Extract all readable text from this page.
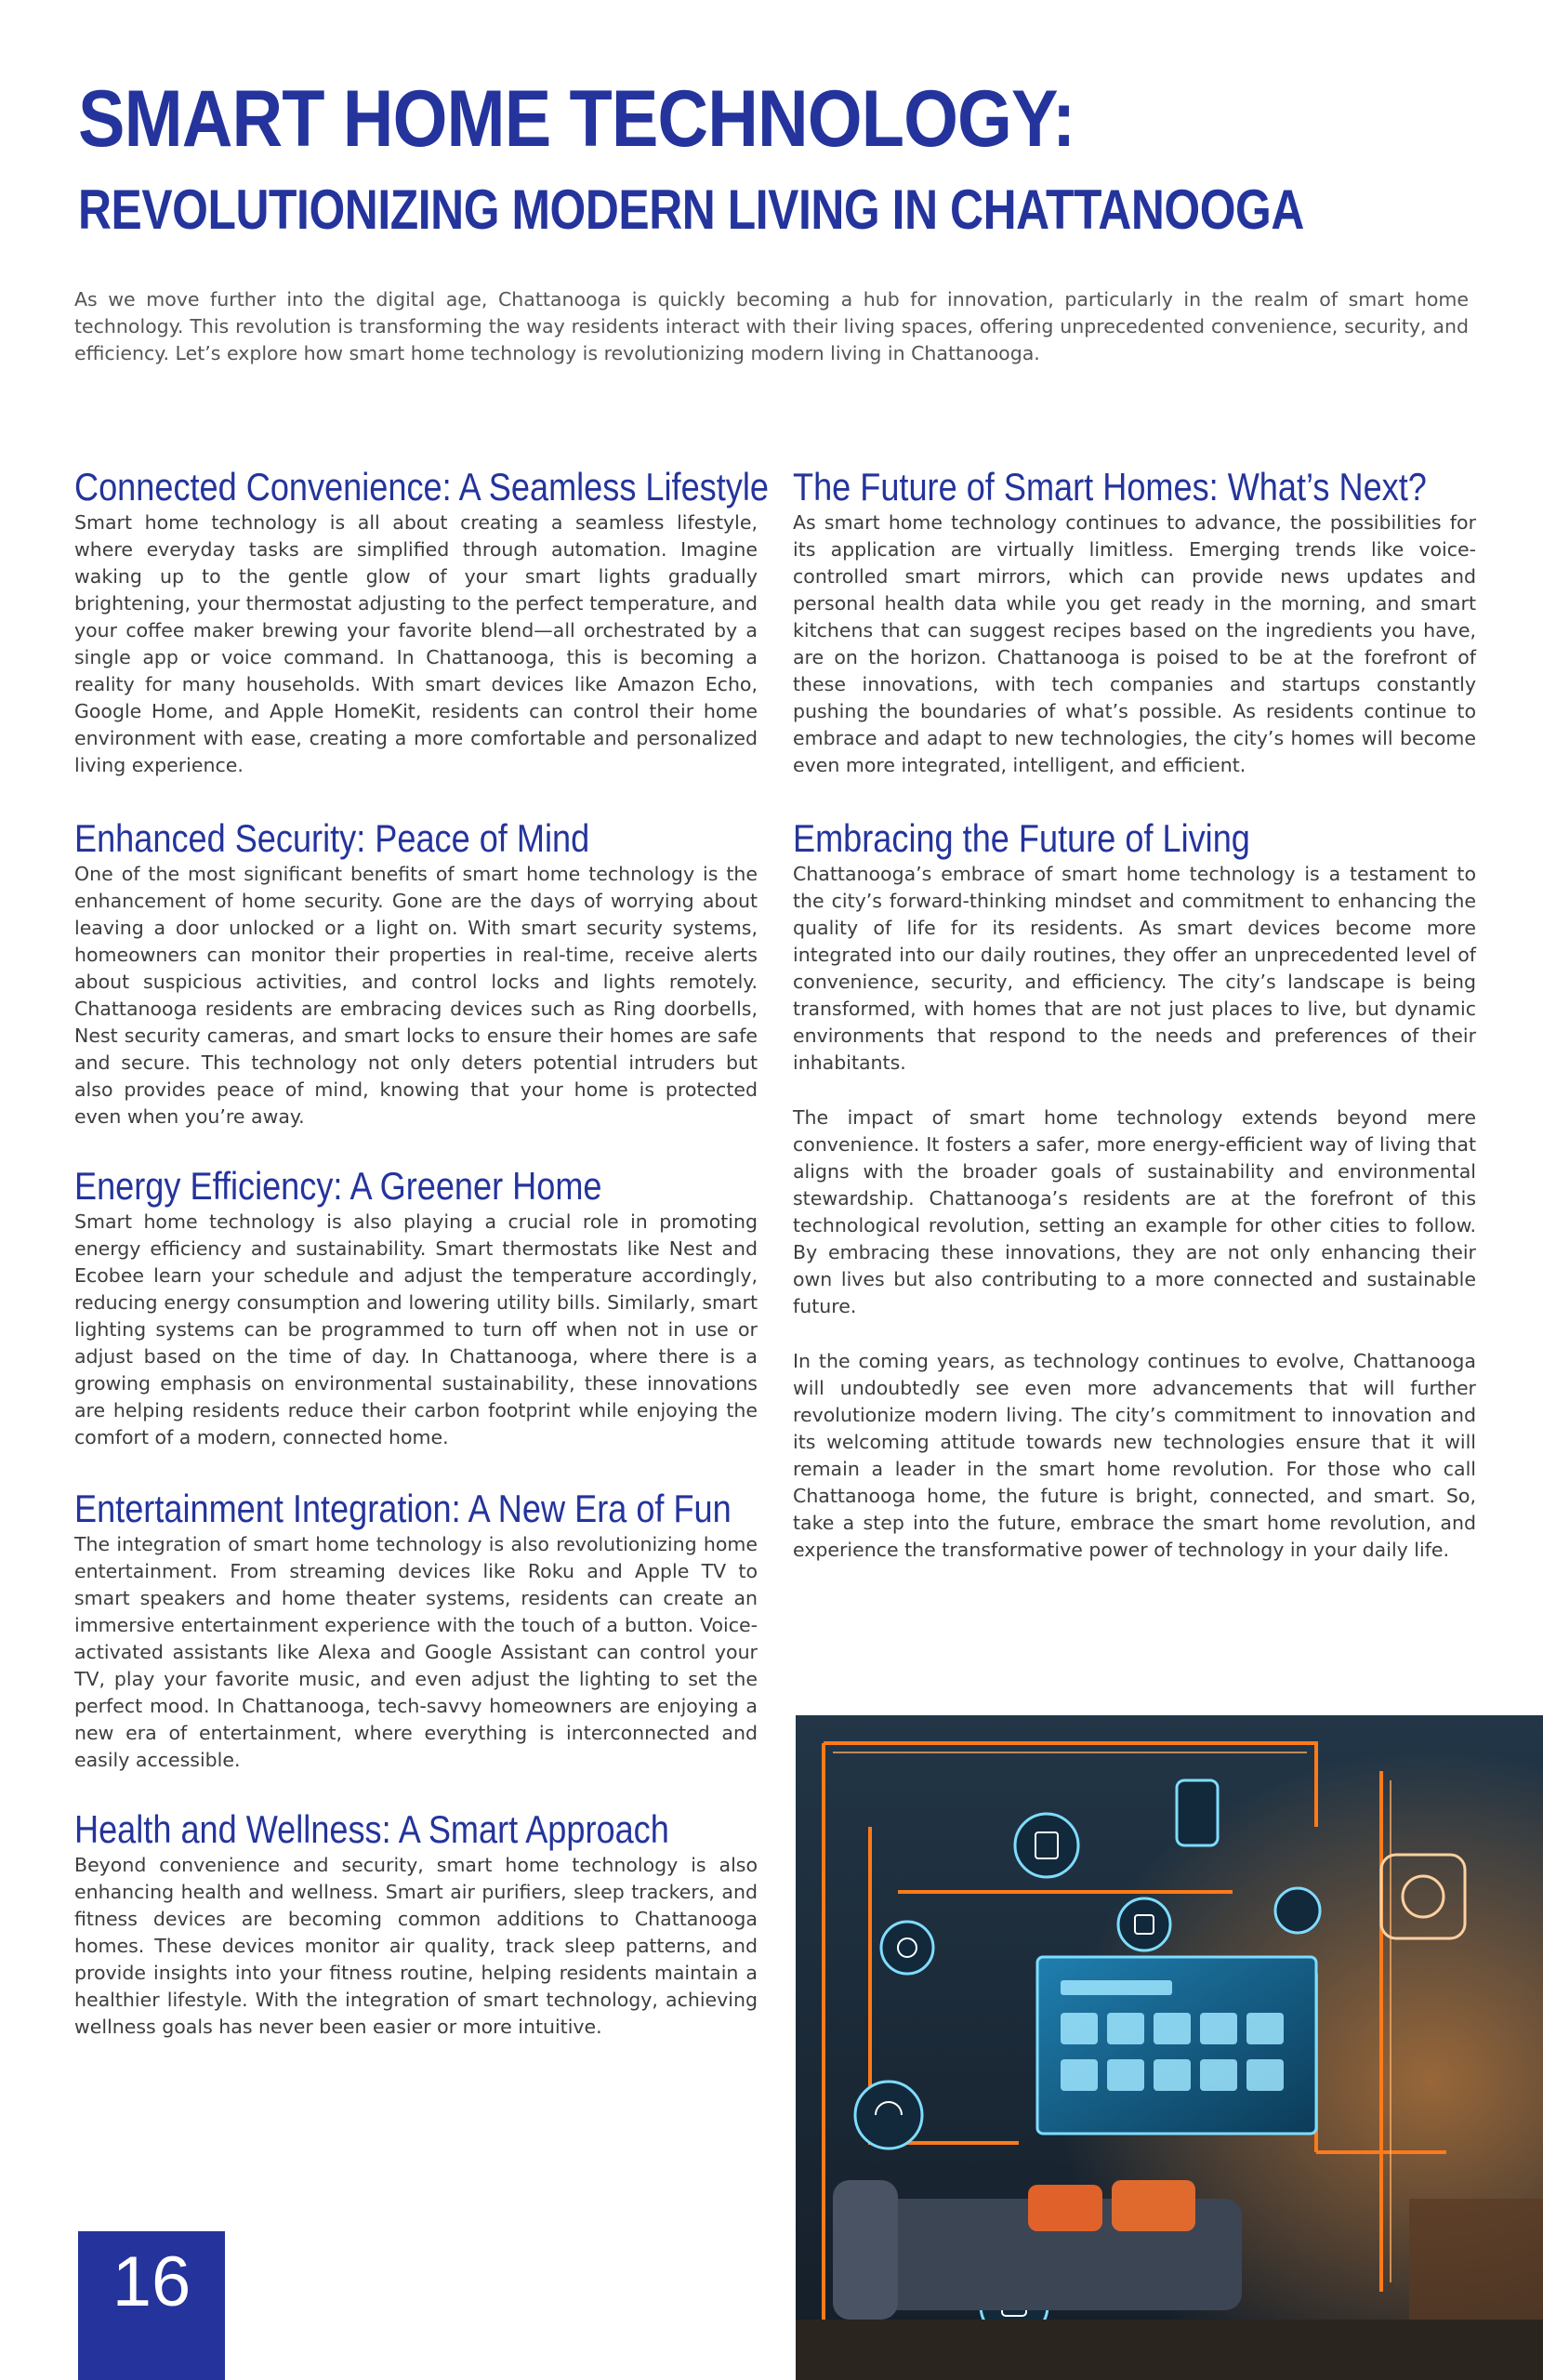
SMART HOME TECHNOLOGY:
REVOLUTIONIZING MODERN LIVING IN CHATTANOOGA

As we move further into the digital age, Chattanooga is quickly becoming a hub for innovation, particularly in the realm of smart home technology. This revolution is transforming the way residents interact with their living spaces, offering unprecedented convenience, security, and efficiency. Let’s explore how smart home technology is revolutionizing modern living in Chattanooga.

Connected Convenience: A Seamless Lifestyle

Smart home technology is all about creating a seamless lifestyle, where everyday tasks are simplified through automation. Imagine waking up to the gentle glow of your smart lights gradually brightening, your thermostat adjusting to the perfect temperature, and your coffee maker brewing your favorite blend—all orchestrated by a single app or voice command. In Chattanooga, this is becoming a reality for many households. With smart devices like Amazon Echo, Google Home, and Apple HomeKit, residents can control their home environment with ease, creating a more comfortable and personalized living experience.

Enhanced Security: Peace of Mind

One of the most significant benefits of smart home technology is the enhancement of home security. Gone are the days of worrying about leaving a door unlocked or a light on. With smart security systems, homeowners can monitor their properties in real-time, receive alerts about suspicious activities, and control locks and lights remotely. Chattanooga residents are embracing devices such as Ring doorbells, Nest security cameras, and smart locks to ensure their homes are safe and secure. This technology not only deters potential intruders but also provides peace of mind, knowing that your home is protected even when you’re away.

Energy Efficiency: A Greener Home

Smart home technology is also playing a crucial role in promoting energy efficiency and sustainability. Smart thermostats like Nest and Ecobee learn your schedule and adjust the temperature accordingly, reducing energy consumption and lowering utility bills. Similarly, smart lighting systems can be programmed to turn off when not in use or adjust based on the time of day. In Chattanooga, where there is a growing emphasis on environmental sustainability, these innovations are helping residents reduce their carbon footprint while enjoying the comfort of a modern, connected home.

Entertainment Integration: A New Era of Fun

The integration of smart home technology is also revolutionizing home entertainment. From streaming devices like Roku and Apple TV to smart speakers and home theater systems, residents can create an immersive entertainment experience with the touch of a button. Voice-activated assistants like Alexa and Google Assistant can control your TV, play your favorite music, and even adjust the lighting to set the perfect mood. In Chattanooga, tech-savvy homeowners are enjoying a new era of entertainment, where everything is interconnected and easily accessible.

Health and Wellness: A Smart Approach

Beyond convenience and security, smart home technology is also enhancing health and wellness. Smart air purifiers, sleep trackers, and fitness devices are becoming common additions to Chattanooga homes. These devices monitor air quality, track sleep patterns, and provide insights into your fitness routine, helping residents maintain a healthier lifestyle. With the integration of smart technology, achieving wellness goals has never been easier or more intuitive.

The Future of Smart Homes: What’s Next?

As smart home technology continues to advance, the possibilities for its application are virtually limitless. Emerging trends like voice-controlled smart mirrors, which can provide news updates and personal health data while you get ready in the morning, and smart kitchens that can suggest recipes based on the ingredients you have, are on the horizon. Chattanooga is poised to be at the forefront of these innovations, with tech companies and startups constantly pushing the boundaries of what’s possible. As residents continue to embrace and adapt to new technologies, the city’s homes will become even more integrated, intelligent, and efficient.

Embracing the Future of Living

Chattanooga’s embrace of smart home technology is a testament to the city’s forward-thinking mindset and commitment to enhancing the quality of life for its residents. As smart devices become more integrated into our daily routines, they offer an unprecedented level of convenience, security, and efficiency. The city’s landscape is being transformed, with homes that are not just places to live, but dynamic environments that respond to the needs and preferences of their inhabitants.

The impact of smart home technology extends beyond mere convenience. It fosters a safer, more energy-efficient way of living that aligns with the broader goals of sustainability and environmental stewardship. Chattanooga’s residents are at the forefront of this technological revolution, setting an example for other cities to follow. By embracing these innovations, they are not only enhancing their own lives but also contributing to a more connected and sustainable future.

In the coming years, as technology continues to evolve, Chattanooga will undoubtedly see even more advancements that will further revolutionize modern living. The city’s commitment to innovation and its welcoming attitude towards new technologies ensure that it will remain a leader in the smart home revolution. For those who call Chattanooga home, the future is bright, connected, and smart. So, take a step into the future, embrace the smart home revolution, and experience the transformative power of technology in your daily life.

16
